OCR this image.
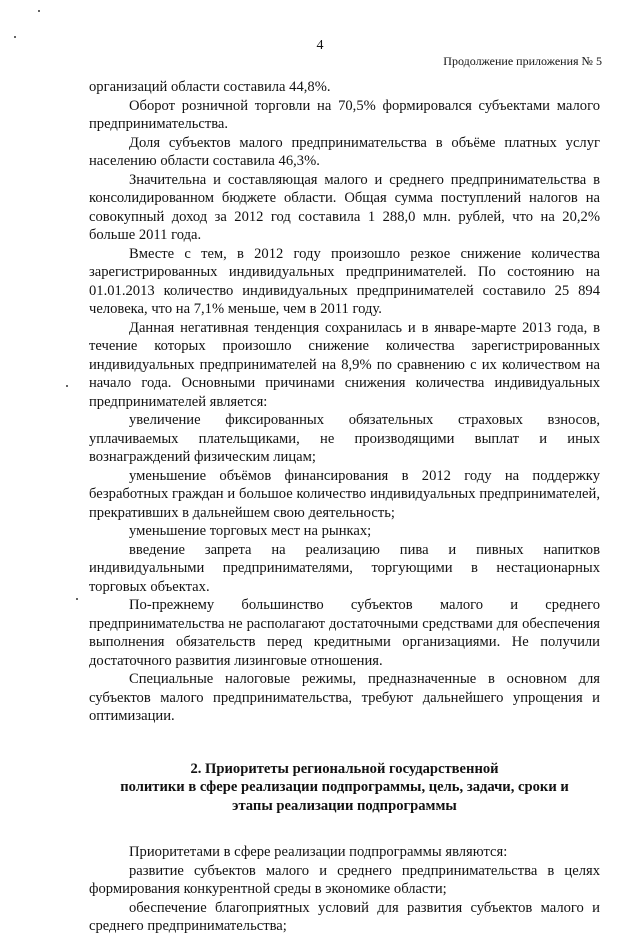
4
Продолжение приложения № 5

организаций области составила 44,8%.

Оборот розничной торговли на 70,5% формировался субъектами малого предпринимательства.

Доля субъектов малого предпринимательства в объёме платных услуг населению области составила 46,3%.

Значительна и составляющая малого и среднего предпринимательства в консолидированном бюджете области. Общая сумма поступлений налогов на совокупный доход за 2012 год составила 1 288,0 млн. рублей, что на 20,2% больше 2011 года.

Вместе с тем, в 2012 году произошло резкое снижение количества зарегистрированных индивидуальных предпринимателей. По состоянию на 01.01.2013 количество индивидуальных предпринимателей составило 25 894 человека, что на 7,1% меньше, чем в 2011 году.

Данная негативная тенденция сохранилась и в январе-марте 2013 года, в течение которых произошло снижение количества зарегистрированных индивидуальных предпринимателей на 8,9% по сравнению с их количеством на начало года. Основными причинами снижения количества индивидуальных предпринимателей является:

увеличение фиксированных обязательных страховых взносов, уплачиваемых плательщиками, не производящими выплат и иных вознаграждений физическим лицам;

уменьшение объёмов финансирования в 2012 году на поддержку безработных граждан и большое количество индивидуальных предпринимателей, прекративших в дальнейшем свою деятельность;

уменьшение торговых мест на рынках;

введение запрета на реализацию пива и пивных напитков индивидуальными предпринимателями, торгующими в нестационарных торговых объектах.

По-прежнему большинство субъектов малого и среднего предпринимательства не располагают достаточными средствами для обеспечения выполнения обязательств перед кредитными организациями. Не получили достаточного развития лизинговые отношения.

Специальные налоговые режимы, предназначенные в основном для субъектов малого предпринимательства, требуют дальнейшего упрощения и оптимизации.

2. Приоритеты региональной государственной
политики в сфере реализации подпрограммы, цель, задачи, сроки и
этапы реализации подпрограммы

Приоритетами в сфере реализации подпрограммы являются:

развитие субъектов малого и среднего предпринимательства в целях формирования конкурентной среды в экономике области;

обеспечение благоприятных условий для развития субъектов малого и среднего предпринимательства;
